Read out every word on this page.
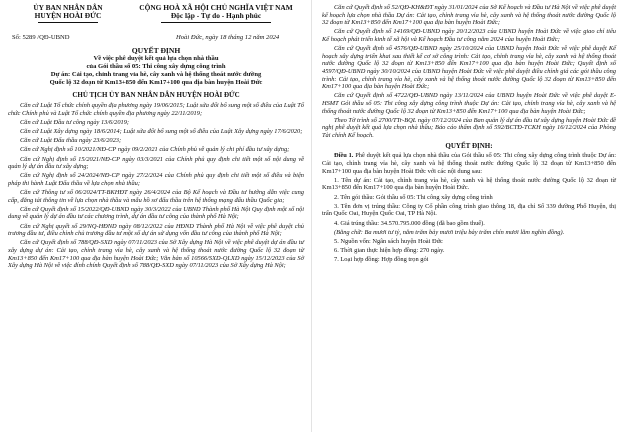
ỦY BAN NHÂN DÂN
HUYỆN HOÀI ĐỨC
CỘNG HOÀ XÃ HỘI CHỦ NGHĨA VIỆT NAM
Độc lập - Tự do - Hạnh phúc
Số: 5289 /QĐ-UBND	Hoài Đức, ngày 18 tháng 12 năm 2024
QUYẾT ĐỊNH
Về việc phê duyệt kết quả lựa chọn nhà thầu
của Gói thầu số 05: Thi công xây dựng công trình
Dự án: Cải tạo, chỉnh trang vỉa hè, cây xanh và hệ thống thoát nước đường
Quốc lộ 32 đoạn từ Km13+850 đến Km17+100 qua địa bàn huyện Hoài Đức
CHỦ TỊCH ỦY BAN NHÂN DÂN HUYỆN HOÀI ĐỨC

Căn cứ Luật Tổ chức chính quyền địa phương ngày 19/06/2015; Luật sửa đổi bổ sung một số điều của Luật Tổ chức Chính phủ và Luật Tổ chức chính quyền địa phương ngày 22/11/2019;

Căn cứ Luật Đầu tư công ngày 13/6/2019;

Căn cứ Luật Xây dựng ngày 18/6/2014; Luật sửa đổi bổ sung một số điều của Luật Xây dựng ngày 17/6/2020;

Căn cứ Luật Đấu thầu ngày 23/6/2023;

Căn cứ Nghị định số 10/2021/NĐ-CP ngày 09/2/2021 của Chính phủ về quản lý chi phí đầu tư xây dựng;

Căn cứ Nghị định số 15/2021/NĐ-CP ngày 03/3/2021 của Chính phủ quy định chi tiết một số nội dung về quản lý dự án đầu tư xây dựng;

Căn cứ Nghị định số 24/2024/NĐ-CP ngày 27/2/2024 của Chính phủ quy định chi tiết một số điều và biện pháp thi hành Luật Đấu thầu về lựa chọn nhà thầu;

Căn cứ Thông tư số 06/2024/TT-BKHĐT ngày 26/4/2024 của Bộ Kế hoạch và Đầu tư hướng dẫn việc cung cấp, đăng tải thông tin về lựa chọn nhà thầu và mẫu hồ sơ đấu thầu trên hệ thống mạng đấu thầu Quốc gia;

Căn cứ Quyết định số 15/2022/QĐ-UBND ngày 30/3/2022 của UBND Thành phố Hà Nội Quy định một số nội dung về quản lý dự án đầu tư các chương trình, dự án đầu tư công của thành phố Hà Nội;

Căn cứ Nghị quyết số 29/NQ-HĐND ngày 08/12/2022 của HĐND Thành phố Hà Nội về việc phê duyệt chủ trương đầu tư, điều chỉnh chủ trương đầu tư một số dự án sử dụng vốn đầu tư công của thành phố Hà Nội;

Căn cứ Quyết định số 788/QĐ-SXD ngày 07/11/2023 của Sở Xây dựng Hà Nội về việc phê duyệt dự án đầu tư xây dựng dự án: Cải tạo, chỉnh trang vỉa hè, cây xanh và hệ thống thoát nước đường Quốc lộ 32 đoạn từ Km13+850 đến Km17+100 qua địa bàn huyện Hoài Đức; Văn bản số 10566/SXD-QLXD ngày 15/12/2023 của Sở Xây dựng Hà Nội về việc đính chính Quyết định số 788/QĐ-SXD ngày 07/11/2023 của Sở Xây dựng Hà Nội;

Căn cứ Quyết định số 52/QĐ-KH&ĐT ngày 31/01/2024 của Sở Kế hoạch và Đầu tư Hà Nội về việc phê duyệt kế hoạch lựa chọn nhà thầu Dự án: Cải tạo, chỉnh trang vỉa hè, cây xanh và hệ thống thoát nước đường Quốc lộ 32 đoạn từ Km13+850 đến Km17+100 qua địa bàn huyện Hoài Đức;

Căn cứ Quyết định số 14169/QĐ-UBND ngày 20/12/2023 của UBND huyện Hoài Đức về việc giao chỉ tiêu Kế hoạch phát triển kinh tế xã hội và Kế hoạch Đầu tư công năm 2024 của huyện Hoài Đức;

Căn cứ Quyết định số 4576/QĐ-UBND ngày 25/10/2024 của UBND huyện Hoài Đức về việc phê duyệt Kế hoạch xây dựng triển khai sau thiết kế cơ sở công trình: Cải tạo, chỉnh trang vỉa hè, cây xanh và hệ thống thoát nước đường Quốc lộ 32 đoạn từ Km13+850 đến Km17+100 qua địa bàn huyện Hoài Đức; Quyết định số 4597/QĐ-UBND ngày 30/10/2024 của UBND huyện Hoài Đức về việc phê duyệt điều chỉnh giá các gói thầu công trình: Cải tạo, chỉnh trang vỉa hè, cây xanh và hệ thống thoát nước đường Quốc lộ 32 đoạn từ Km13+850 đến Km17+100 qua địa bàn huyện Hoài Đức;

Căn cứ Quyết định số 4722/QĐ-UBND ngày 13/11/2024 của UBND huyện Hoài Đức về việc phê duyệt E-HSMT Gói thầu số 05: Thi công xây dựng công trình thuộc Dự án: Cải tạo, chỉnh trang vỉa hè, cây xanh và hệ thống thoát nước đường Quốc lộ 32 đoạn từ Km13+850 đến Km17+100 qua địa bàn huyện Hoài Đức;

Theo Tờ trình số 2700/TTr-BQL ngày 07/12/2024 của Ban quản lý dự án đầu tư xây dựng huyện Hoài Đức đề nghị phê duyệt kết quả lựa chọn nhà thầu; Báo cáo thẩm định số 592/BCTĐ-TCKH ngày 16/12/2024 của Phòng Tài chính Kế hoạch.

QUYẾT ĐỊNH:

Điều 1. Phê duyệt kết quả lựa chọn nhà thầu của Gói thầu số 05: Thi công xây dựng công trình thuộc Dự án: Cải tạo, chỉnh trang vỉa hè, cây xanh và hệ thống thoát nước đường Quốc lộ 32 đoạn từ Km13+850 đến Km17+100 qua địa bàn huyện Hoài Đức với các nội dung sau:

1. Tên dự án: Cải tạo, chỉnh trang vỉa hè, cây xanh và hệ thống thoát nước đường Quốc lộ 32 đoạn từ Km13+850 đến Km17+100 qua địa bàn huyện Hoài Đức.

2. Tên gói thầu: Gói thầu số 05: Thi công xây dựng công trình

3. Tên đơn vị trúng thầu: Công ty Cổ phần công trình giao thông 18, địa chỉ Số 339 đường Phố Huyện, thị trấn Quốc Oai, Huyện Quốc Oai, TP Hà Nội.

4. Giá trúng thầu: 34.570.795.000 đồng (đã bao gồm thuế).

(Bằng chữ: Ba mươi tư tỷ, năm trăm bảy mươi triệu bảy trăm chín mươi lăm nghìn đồng).

5. Nguồn vốn: Ngân sách huyện Hoài Đức

6. Thời gian thực hiện hợp đồng: 270 ngày.

7. Loại hợp đồng: Hợp đồng trọn gói
